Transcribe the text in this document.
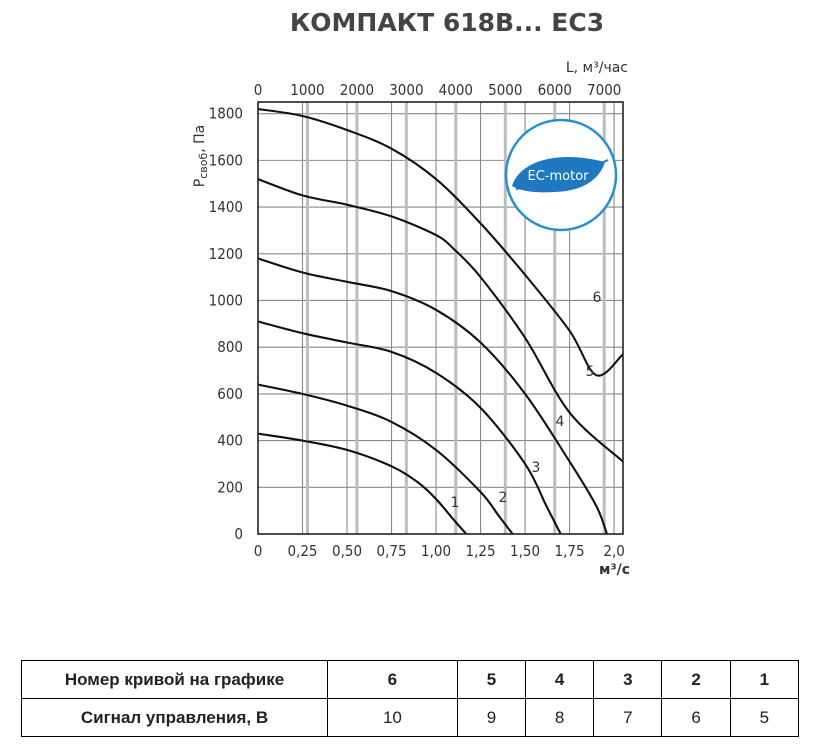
КОМПАКТ 618В... ЕС3
6
5
4
3
2
1
0
200
400
600
800
1000
1200
1400
1600
1800
0 0,25 0,50 0,75 1,00 1,25 1,50 1,75 2,0
0 1000 2000 3000 4000 5000 6000 7000
EC-motor
$Р_{своб}$, Па
L, м³/час
м³/с
Номер кривой на графике	6	5	4	3	2	1
Сигнал управления, В	10	9	8	7	6	5
